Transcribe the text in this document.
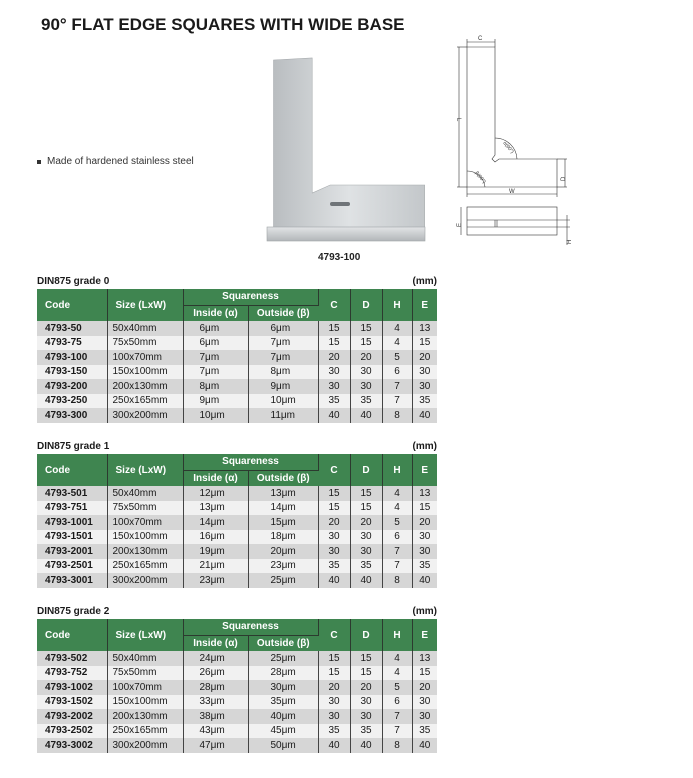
90° FLAT EDGE SQUARES WITH WIDE BASE
Made of hardened stainless steel
4793-100
C
L
α(90°)
β(90°)	D
W
E
H
DIN875 grade 0	(mm)
Code	Size (LxW)	Squareness		C	D	H	E
		Inside (α)	Outside (β)				
4793-50	50x40mm	6μm	6μm	15	15	4	13
4793-75	75x50mm	6μm	7μm	15	15	4	15
4793-100	100x70mm	7μm	7μm	20	20	5	20
4793-150	150x100mm	7μm	8μm	30	30	6	30
4793-200	200x130mm	8μm	9μm	30	30	7	30
4793-250	250x165mm	9μm	10μm	35	35	7	35
4793-300	300x200mm	10μm	11μm	40	40	8	40
DIN875 grade 1	(mm)
Code	Size (LxW)	Squareness		C	D	H	E
		Inside (α)	Outside (β)				
4793-501	50x40mm	12μm	13μm	15	15	4	13
4793-751	75x50mm	13μm	14μm	15	15	4	15
4793-1001	100x70mm	14μm	15μm	20	20	5	20
4793-1501	150x100mm	16μm	18μm	30	30	6	30
4793-2001	200x130mm	19μm	20μm	30	30	7	30
4793-2501	250x165mm	21μm	23μm	35	35	7	35
4793-3001	300x200mm	23μm	25μm	40	40	8	40
DIN875 grade 2	(mm)
Code	Size (LxW)	Squareness		C	D	H	E
		Inside (α)	Outside (β)				
4793-502	50x40mm	24μm	25μm	15	15	4	13
4793-752	75x50mm	26μm	28μm	15	15	4	15
4793-1002	100x70mm	28μm	30μm	20	20	5	20
4793-1502	150x100mm	33μm	35μm	30	30	6	30
4793-2002	200x130mm	38μm	40μm	30	30	7	30
4793-2502	250x165mm	43μm	45μm	35	35	7	35
4793-3002	300x200mm	47μm	50μm	40	40	8	40
